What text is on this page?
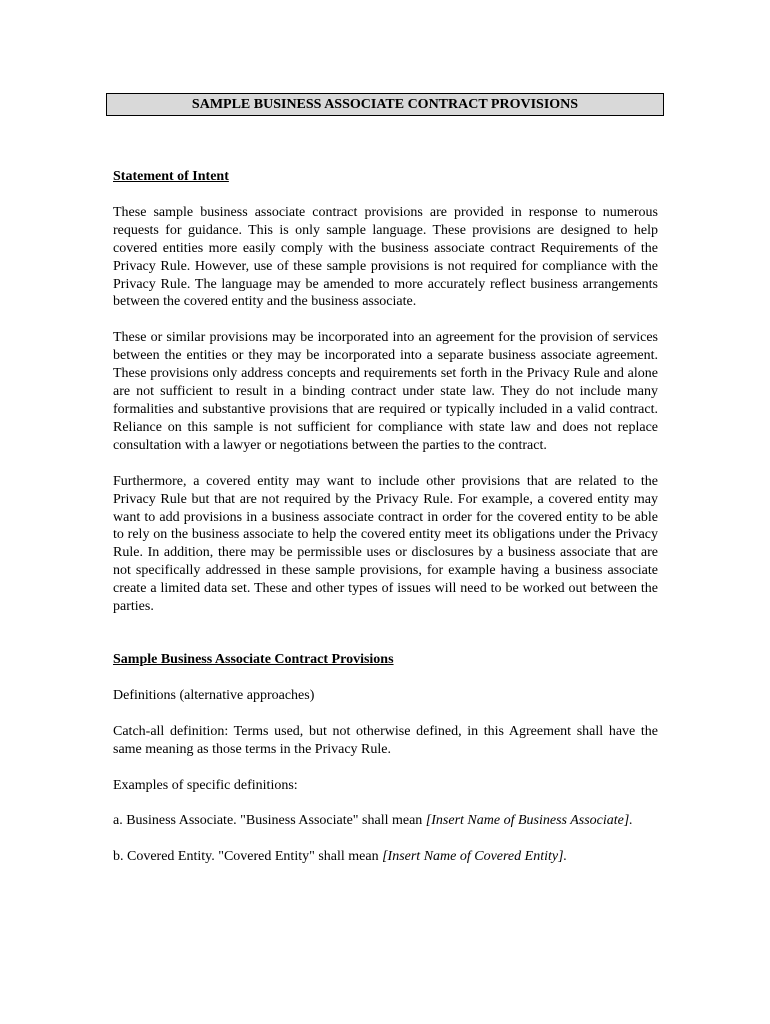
SAMPLE BUSINESS ASSOCIATE CONTRACT PROVISIONS
Statement of Intent

These sample business associate contract provisions are provided in response to numerous requests for guidance. This is only sample language. These provisions are designed to help covered entities more easily comply with the business associate contract Requirements of the Privacy Rule. However, use of these sample provisions is not required for compliance with the Privacy Rule. The language may be amended to more accurately reflect business arrangements between the covered entity and the business associate.

These or similar provisions may be incorporated into an agreement for the provision of services between the entities or they may be incorporated into a separate business associate agreement. These provisions only address concepts and requirements set forth in the Privacy Rule and alone are not sufficient to result in a binding contract under state law. They do not include many formalities and substantive provisions that are required or typically included in a valid contract. Reliance on this sample is not sufficient for compliance with state law and does not replace consultation with a lawyer or negotiations between the parties to the contract.

Furthermore, a covered entity may want to include other provisions that are related to the Privacy Rule but that are not required by the Privacy Rule. For example, a covered entity may want to add provisions in a business associate contract in order for the covered entity to be able to rely on the business associate to help the covered entity meet its obligations under the Privacy Rule. In addition, there may be permissible uses or disclosures by a business associate that are not specifically addressed in these sample provisions, for example having a business associate create a limited data set. These and other types of issues will need to be worked out between the parties.

Sample Business Associate Contract Provisions

Definitions (alternative approaches)

Catch-all definition: Terms used, but not otherwise defined, in this Agreement shall have the same meaning as those terms in the Privacy Rule.

Examples of specific definitions:

a. Business Associate. "Business Associate" shall mean [Insert Name of Business Associate].

b. Covered Entity. "Covered Entity" shall mean [Insert Name of Covered Entity].
